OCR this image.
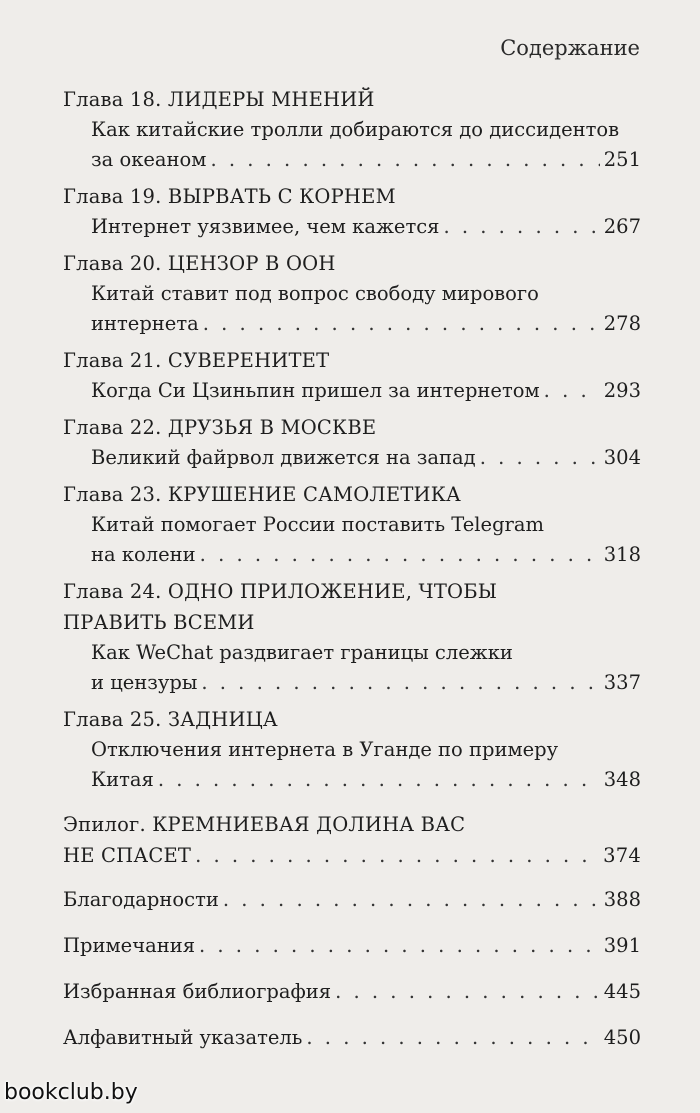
Содержание
Глава 18. ЛИДЕРЫ МНЕНИЙ
Как китайские тролли добираются до диссидентов
за океаном . . .	251
Глава 19. ВЫРВАТЬ С КОРНЕМ
Интернет уязвимее, чем кажется . . .	267
Глава 20. ЦЕНЗОР В ООН
Китай ставит под вопрос свободу мирового
интернета . . .	278
Глава 21. СУВЕРЕНИТЕТ
Когда Си Цзиньпин пришел за интернетом . . .	293
Глава 22. ДРУЗЬЯ В МОСКВЕ
Великий файрвол движется на запад . . .	304
Глава 23. КРУШЕНИЕ САМОЛЕТИКА
Китай помогает России поставить Telegram
на колени . . .	318
Глава 24. ОДНО ПРИЛОЖЕНИЕ, ЧТОБЫ
ПРАВИТЬ ВСЕМИ
Как WeChat раздвигает границы слежки
и цензуры . . .	337
Глава 25. ЗАДНИЦА
Отключения интернета в Уганде по примеру
Китая . . .	348
Эпилог. КРЕМНИЕВАЯ ДОЛИНА ВАС
НЕ СПАСЕТ . . .	374
Благодарности . . .	388
Примечания . . .	391
Избранная библиография . . .	445
Алфавитный указатель . . .	450
bookclub.by
